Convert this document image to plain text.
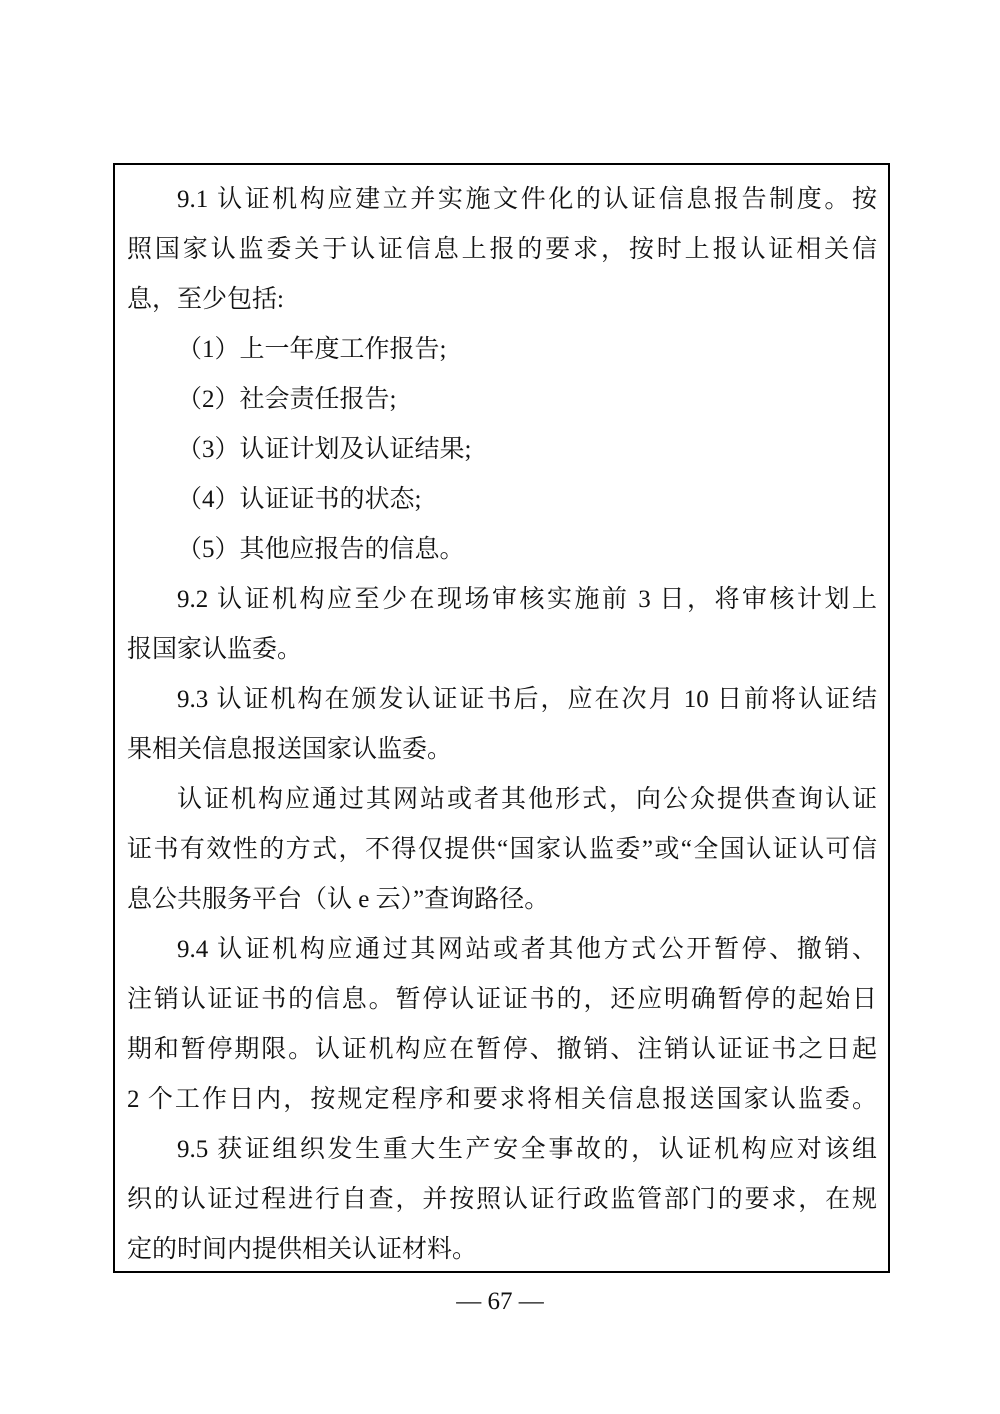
9.1 认证机构应建立并实施文件化的认证信息报告制度。按
照国家认监委关于认证信息上报的要求，按时上报认证相关信
息，至少包括:
（1）上一年度工作报告;
（2）社会责任报告;
（3）认证计划及认证结果;
（4）认证证书的状态;
（5）其他应报告的信息。
9.2 认证机构应至少在现场审核实施前 3 日，将审核计划上
报国家认监委。
9.3 认证机构在颁发认证证书后，应在次月 10 日前将认证结
果相关信息报送国家认监委。
认证机构应通过其网站或者其他形式，向公众提供查询认证
证书有效性的方式，不得仅提供“国家认监委”或“全国认证认可信
息公共服务平台（认 e 云）”查询路径。
9.4 认证机构应通过其网站或者其他方式公开暂停、撤销、
注销认证证书的信息。暂停认证证书的，还应明确暂停的起始日
期和暂停期限。认证机构应在暂停、撤销、注销认证证书之日起
2 个工作日内，按规定程序和要求将相关信息报送国家认监委。
9.5 获证组织发生重大生产安全事故的，认证机构应对该组
织的认证过程进行自查，并按照认证行政监管部门的要求，在规
定的时间内提供相关认证材料。
— 67 —
